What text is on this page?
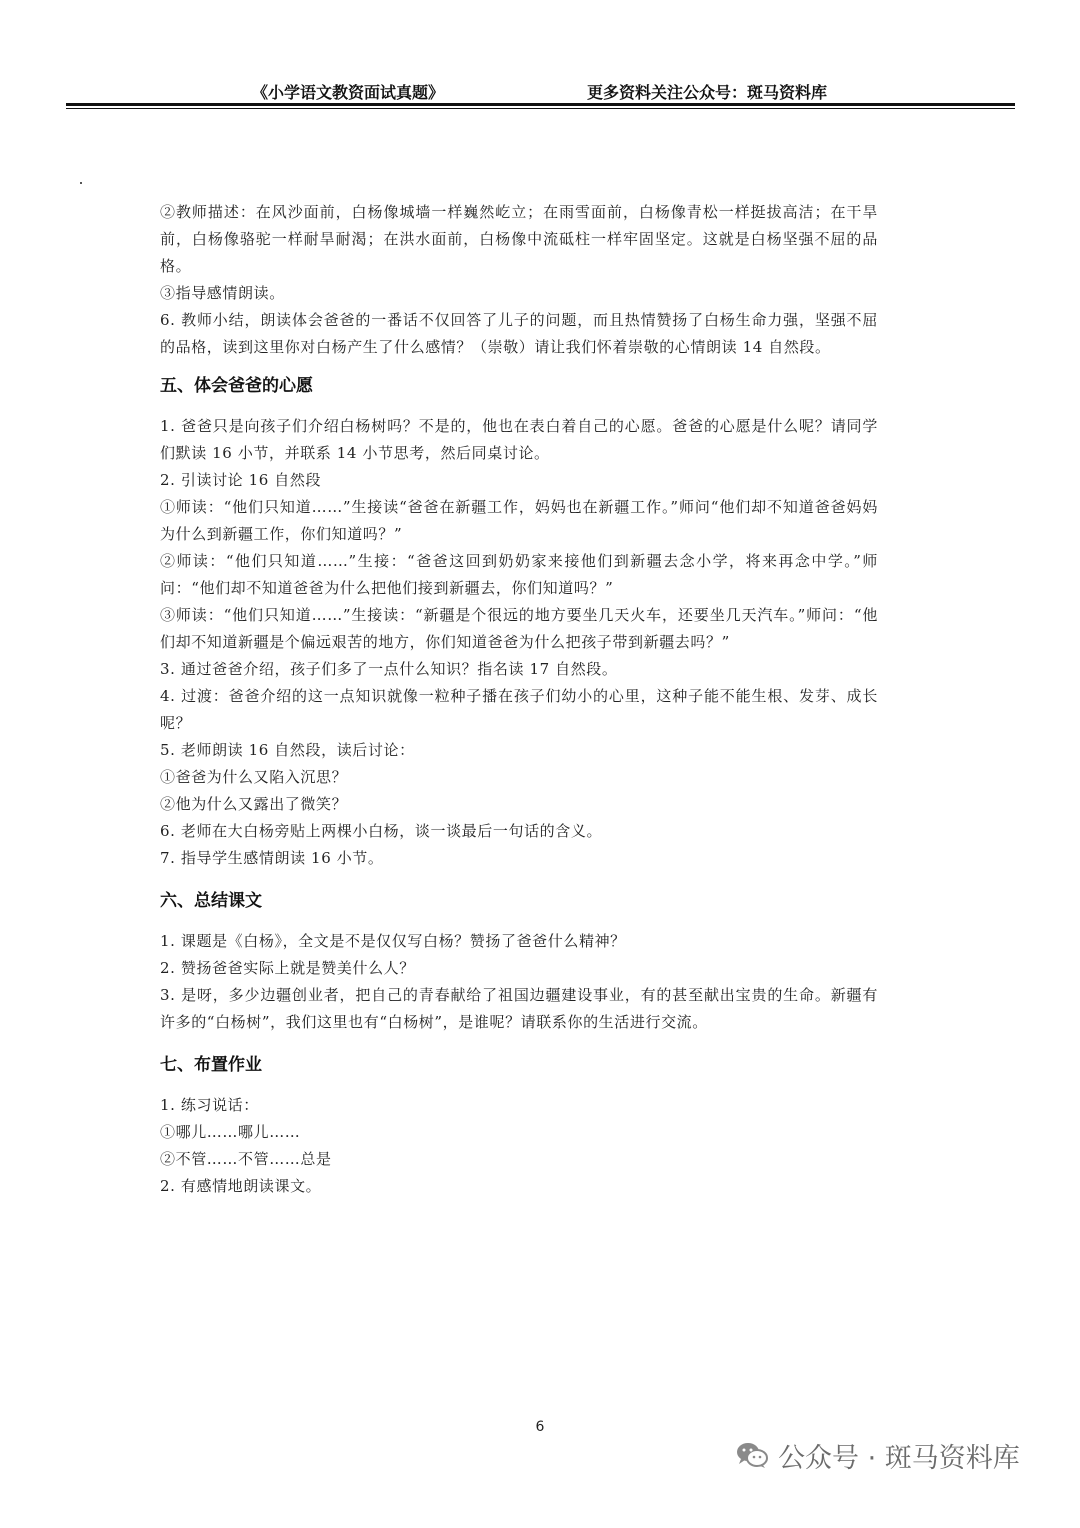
《小学语文教资面试真题》	更多资料关注公众号：斑马资料库

②教师描述：在风沙面前，白杨像城墙一样巍然屹立；在雨雪面前，白杨像青松一样挺拔高洁；在干旱前，白杨像骆驼一样耐旱耐渴；在洪水面前，白杨像中流砥柱一样牢固坚定。这就是白杨坚强不屈的品格。

③指导感情朗读。

6. 教师小结，朗读体会爸爸的一番话不仅回答了儿子的问题，而且热情赞扬了白杨生命力强，坚强不屈的品格，读到这里你对白杨产生了什么感情？（崇敬）请让我们怀着崇敬的心情朗读 14 自然段。

五、体会爸爸的心愿

1. 爸爸只是向孩子们介绍白杨树吗？不是的，他也在表白着自己的心愿。爸爸的心愿是什么呢？请同学们默读 16 小节，并联系 14 小节思考，然后同桌讨论。

2. 引读讨论 16 自然段

①师读：“他们只知道……”生接读“爸爸在新疆工作，妈妈也在新疆工作。”师问“他们却不知道爸爸妈妈为什么到新疆工作，你们知道吗？”

②师读：“他们只知道……”生接：“爸爸这回到奶奶家来接他们到新疆去念小学，将来再念中学。”师问：“他们却不知道爸爸为什么把他们接到新疆去，你们知道吗？”

③师读：“他们只知道……”生接读：“新疆是个很远的地方要坐几天火车，还要坐几天汽车。”师问：“他们却不知道新疆是个偏远艰苦的地方，你们知道爸爸为什么把孩子带到新疆去吗？”

3. 通过爸爸介绍，孩子们多了一点什么知识？指名读 17 自然段。

4. 过渡：爸爸介绍的这一点知识就像一粒种子播在孩子们幼小的心里，这种子能不能生根、发芽、成长呢？

5. 老师朗读 16 自然段，读后讨论：

①爸爸为什么又陷入沉思？

②他为什么又露出了微笑？

6. 老师在大白杨旁贴上两棵小白杨，谈一谈最后一句话的含义。

7. 指导学生感情朗读 16 小节。

六、总结课文

1. 课题是《白杨》，全文是不是仅仅写白杨？赞扬了爸爸什么精神？

2. 赞扬爸爸实际上就是赞美什么人？

3. 是呀，多少边疆创业者，把自己的青春献给了祖国边疆建设事业，有的甚至献出宝贵的生命。新疆有许多的“白杨树”，我们这里也有“白杨树”，是谁呢？请联系你的生活进行交流。

七、布置作业

1. 练习说话：

①哪儿……哪儿……

②不管……不管……总是

2. 有感情地朗读课文。

6
公众号 · 斑马资料库
